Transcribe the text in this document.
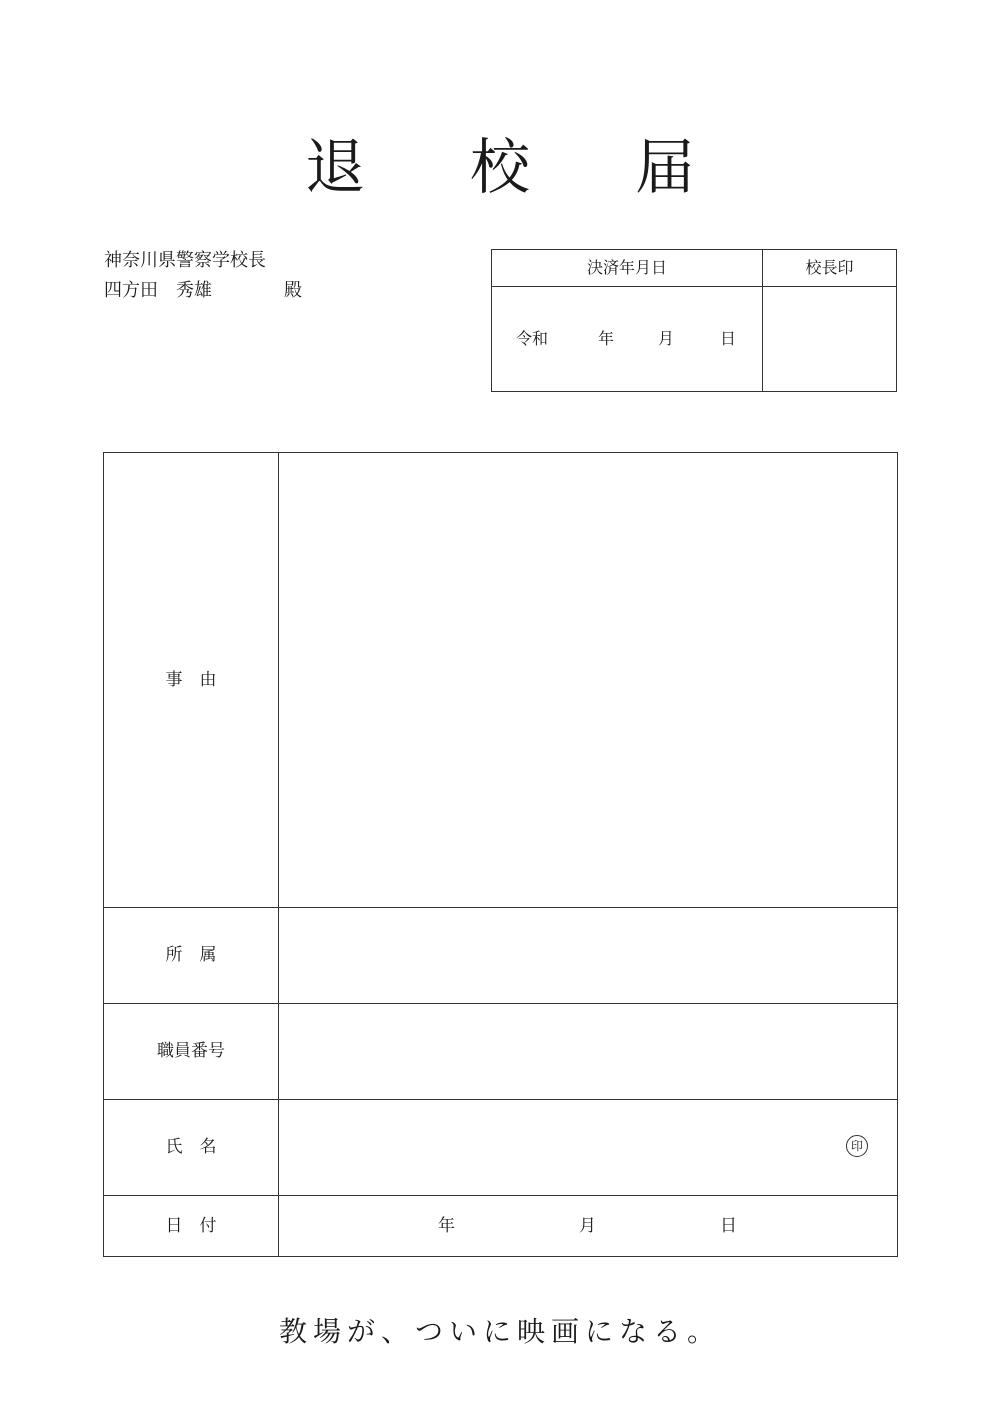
退 校 届
神奈川県警察学校長
四方田　秀雄	殿
決済年月日	校長印
令和	年	月	日
事　由
所　属
職員番号
氏　名	印
日　付	年	月	日
教場が、ついに映画になる。
